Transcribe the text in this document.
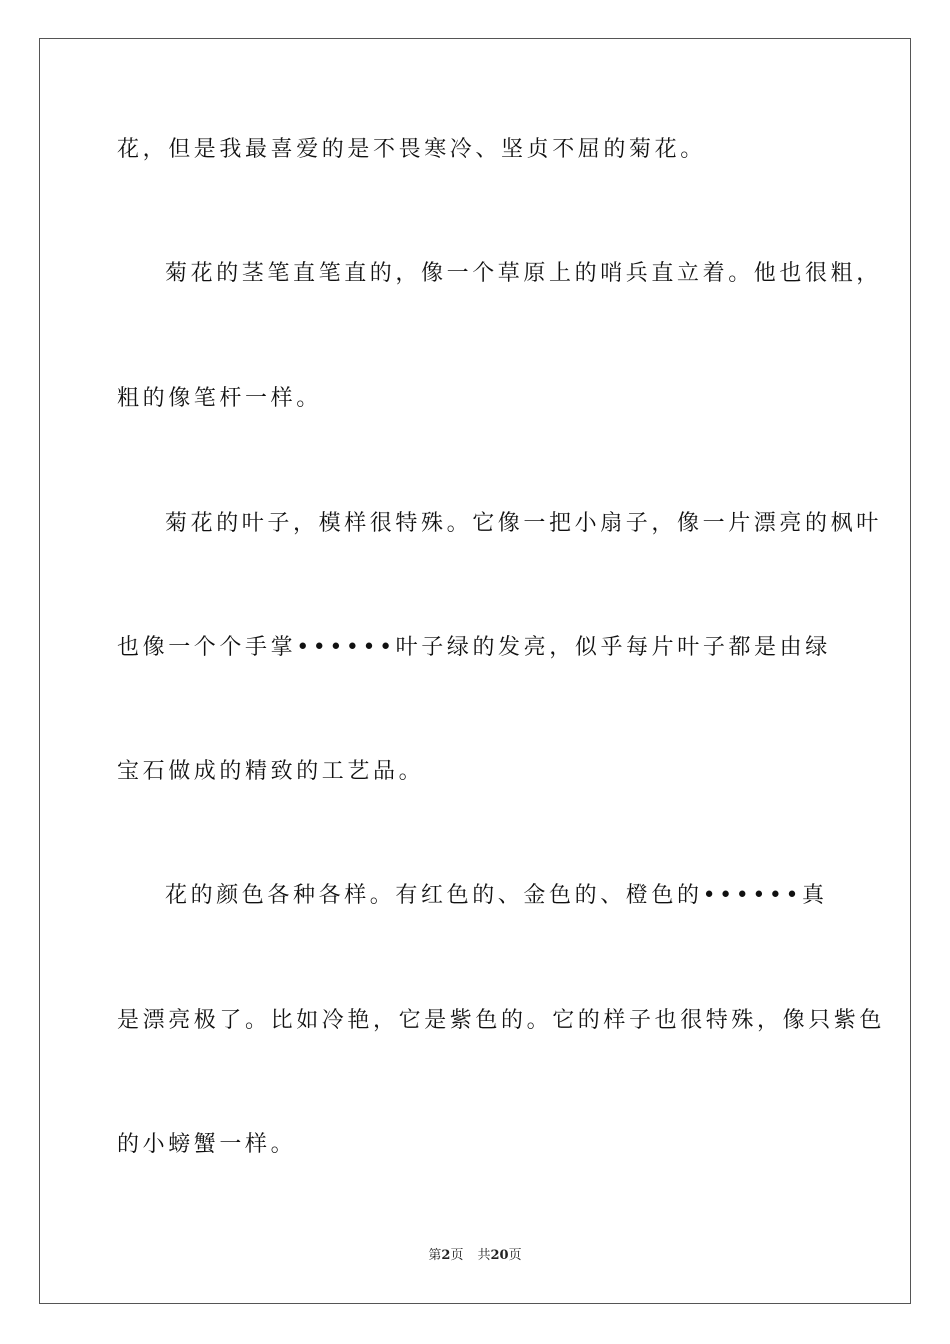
花，但是我最喜爱的是不畏寒冷、坚贞不屈的菊花。
菊花的茎笔直笔直的，像一个草原上的哨兵直立着。他也很粗，
粗的像笔杆一样。
菊花的叶子，模样很特殊。它像一把小扇子，像一片漂亮的枫叶
也像一个个手掌••••••叶子绿的发亮，似乎每片叶子都是由绿
宝石做成的精致的工艺品。
花的颜色各种各样。有红色的、金色的、橙色的••••••真
是漂亮极了。比如冷艳，它是紫色的。它的样子也很特殊，像只紫色
的小螃蟹一样。
第2页 共20页
